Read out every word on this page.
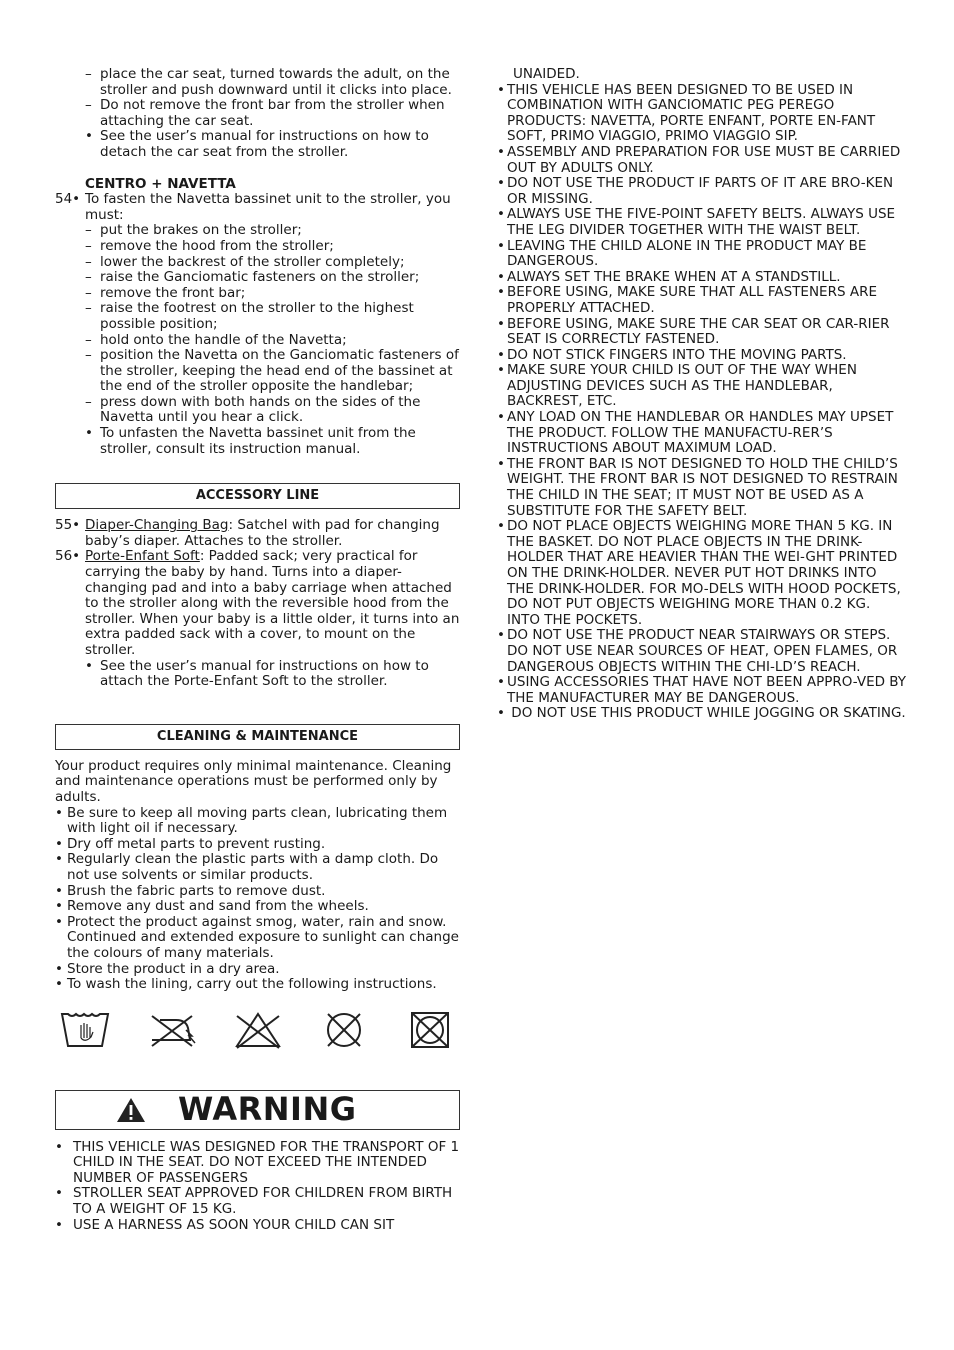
– place the car seat, turned towards the adult, on the stroller and push downward until it clicks into place.
– Do not remove the front bar from the stroller when attaching the car seat.
• See the user’s manual for instructions on how to detach the car seat from the stroller.
CENTRO + NAVETTA
54• To fasten the Navetta bassinet unit to the stroller, you must:
– put the brakes on the stroller;
– remove the hood from the stroller;
– lower the backrest of the stroller completely;
– raise the Ganciomatic fasteners on the stroller;
– remove the front bar;
– raise the footrest on the stroller to the highest possible position;
– hold onto the handle of the Navetta;
– position the Navetta on the Ganciomatic fasteners of the stroller, keeping the head end of the bassinet at the end of the stroller opposite the handlebar;
– press down with both hands on the sides of the Navetta until you hear a click.
• To unfasten the Navetta bassinet unit from the stroller, consult its instruction manual.
ACCESSORY LINE
55• Diaper-Changing Bag: Satchel with pad for changing baby’s diaper. Attaches to the stroller.
56• Porte-Enfant Soft: Padded sack; very practical for carrying the baby by hand. Turns into a diaper-changing pad and into a baby carriage when attached to the stroller along with the reversible hood from the stroller. When your baby is a little older, it turns into an extra padded sack with a cover, to mount on the stroller.
• See the user’s manual for instructions on how to attach the Porte-Enfant Soft to the stroller.
CLEANING & MAINTENANCE
Your product requires only minimal maintenance. Cleaning and maintenance operations must be performed only by adults.
• Be sure to keep all moving parts clean, lubricating them with light oil if necessary.
• Dry off metal parts to prevent rusting.
• Regularly clean the plastic parts with a damp cloth. Do not use solvents or similar products.
• Brush the fabric parts to remove dust.
• Remove any dust and sand from the wheels.
• Protect the product against smog, water, rain and snow. Continued and extended exposure to sunlight can change the colours of many materials.
• Store the product in a dry area.
• To wash the lining, carry out the following instructions.
WARNING
• THIS VEHICLE WAS DESIGNED FOR THE TRANSPORT OF 1 CHILD IN THE SEAT. DO NOT EXCEED THE INTENDED NUMBER OF PASSENGERS
• STROLLER SEAT APPROVED FOR CHILDREN FROM BIRTH TO A WEIGHT OF 15 KG.
• USE A HARNESS AS SOON YOUR CHILD CAN SIT
UNAIDED.
• THIS VEHICLE HAS BEEN DESIGNED TO BE USED IN COMBINATION WITH GANCIOMATIC PEG PEREGO PRODUCTS: NAVETTA, PORTE ENFANT, PORTE EN-FANT SOFT, PRIMO VIAGGIO, PRIMO VIAGGIO SIP.
• ASSEMBLY AND PREPARATION FOR USE MUST BE CARRIED OUT BY ADULTS ONLY.
• DO NOT USE THE PRODUCT IF PARTS OF IT ARE BRO-KEN OR MISSING.
• ALWAYS USE THE FIVE-POINT SAFETY BELTS. ALWAYS USE THE LEG DIVIDER TOGETHER WITH THE WAIST BELT.
• LEAVING THE CHILD ALONE IN THE PRODUCT MAY BE DANGEROUS.
• ALWAYS SET THE BRAKE WHEN AT A STANDSTILL.
• BEFORE USING, MAKE SURE THAT ALL FASTENERS ARE PROPERLY ATTACHED.
• BEFORE USING, MAKE SURE THE CAR SEAT OR CAR-RIER SEAT IS CORRECTLY FASTENED.
• DO NOT STICK FINGERS INTO THE MOVING PARTS.
• MAKE SURE YOUR CHILD IS OUT OF THE WAY WHEN ADJUSTING DEVICES SUCH AS THE HANDLEBAR, BACKREST, ETC.
• ANY LOAD ON THE HANDLEBAR OR HANDLES MAY UPSET THE PRODUCT. FOLLOW THE MANUFACTU-RER’S INSTRUCTIONS ABOUT MAXIMUM LOAD.
• THE FRONT BAR IS NOT DESIGNED TO HOLD THE CHILD’S WEIGHT. THE FRONT BAR IS NOT DESIGNED TO RESTRAIN THE CHILD IN THE SEAT; IT MUST NOT BE USED AS A SUBSTITUTE FOR THE SAFETY BELT.
• DO NOT PLACE OBJECTS WEIGHING MORE THAN 5 KG. IN THE BASKET. DO NOT PLACE OBJECTS IN THE DRINK-HOLDER THAT ARE HEAVIER THAN THE WEI-GHT PRINTED ON THE DRINK-HOLDER. NEVER PUT HOT DRINKS INTO THE DRINK-HOLDER. FOR MO-DELS WITH HOOD POCKETS, DO NOT PUT OBJECTS WEIGHING MORE THAN 0.2 KG. INTO THE POCKETS.
• DO NOT USE THE PRODUCT NEAR STAIRWAYS OR STEPS. DO NOT USE NEAR SOURCES OF HEAT, OPEN FLAMES, OR DANGEROUS OBJECTS WITHIN THE CHI-LD’S REACH.
• USING ACCESSORIES THAT HAVE NOT BEEN APPRO-VED BY THE MANUFACTURER MAY BE DANGEROUS.
• DO NOT USE THIS PRODUCT WHILE JOGGING OR SKATING.
